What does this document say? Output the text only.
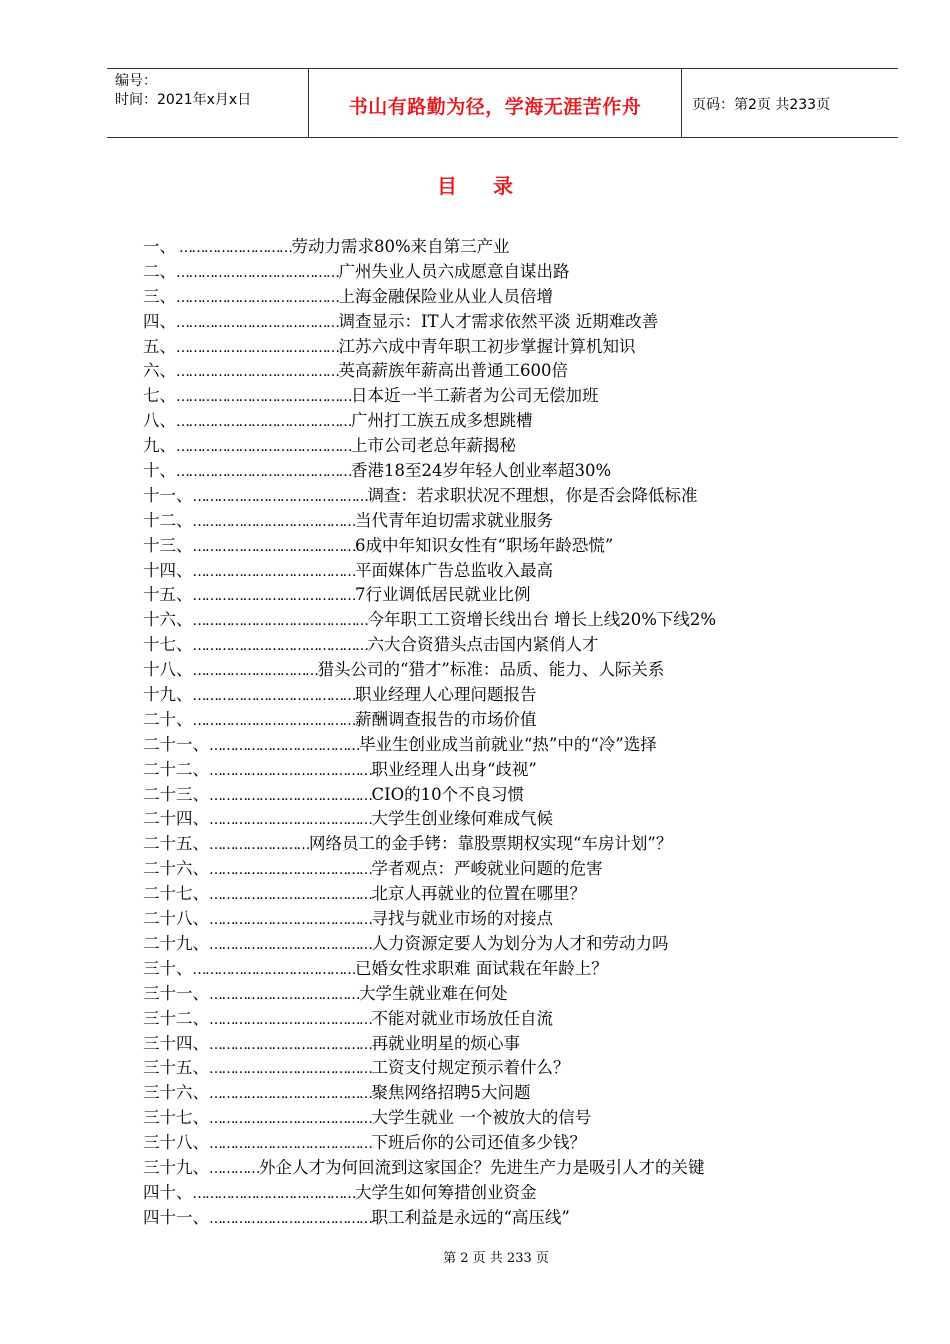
编号：
时间：2021年x月x日	书山有路勤为径，学海无涯苦作舟	页码：第2页 共233页
目 录
一、 ………………………劳动力需求80%来自第三产业
二、…………………………………广州失业人员六成愿意自谋出路
三、…………………………………上海金融保险业从业人员倍增
四、…………………………………调查显示：IT人才需求依然平淡 近期难改善
五、…………………………………江苏六成中青年职工初步掌握计算机知识
六、…………………………………英高薪族年薪高出普通工600倍
七、……………………………………日本近一半工薪者为公司无偿加班
八、……………………………………广州打工族五成多想跳槽
九、……………………………………上市公司老总年薪揭秘
十、……………………………………香港18至24岁年轻人创业率超30%
十一、……………………………………调查：若求职状况不理想，你是否会降低标准
十二、…………………………………当代青年迫切需求就业服务
十三、…………………………………6成中年知识女性有“职场年龄恐慌”
十四、…………………………………平面媒体广告总监收入最高
十五、…………………………………7行业调低居民就业比例
十六、……………………………………今年职工工资增长线出台 增长上线20%下线2%
十七、……………………………………六大合资猎头点击国内紧俏人才
十八、…………………………猎头公司的“猎才”标准：品质、能力、人际关系
十九、…………………………………职业经理人心理问题报告
二十、…………………………………薪酬调查报告的市场价值
二十一、………………………………毕业生创业成当前就业“热”中的“冷”选择
二十二、…………………………………职业经理人出身“歧视”
二十三、…………………………………CIO的10个不良习惯
二十四、…………………………………大学生创业缘何难成气候
二十五、……………………网络员工的金手铐：靠股票期权实现“车房计划”？
二十六、…………………………………学者观点：严峻就业问题的危害
二十七、…………………………………北京人再就业的位置在哪里？
二十八、…………………………………寻找与就业市场的对接点
二十九、…………………………………人力资源定要人为划分为人才和劳动力吗
三十、…………………………………已婚女性求职难 面试栽在年龄上？
三十一、………………………………大学生就业难在何处
三十二、…………………………………不能对就业市场放任自流
三十四、…………………………………再就业明星的烦心事
三十五、…………………………………工资支付规定预示着什么？
三十六、…………………………………聚焦网络招聘5大问题
三十七、…………………………………大学生就业 一个被放大的信号
三十八、…………………………………下班后你的公司还值多少钱？
三十九、…………外企人才为何回流到这家国企？先进生产力是吸引人才的关键
四十、…………………………………大学生如何筹措创业资金
四十一、…………………………………职工利益是永远的“高压线”
第 2 页 共 233 页
